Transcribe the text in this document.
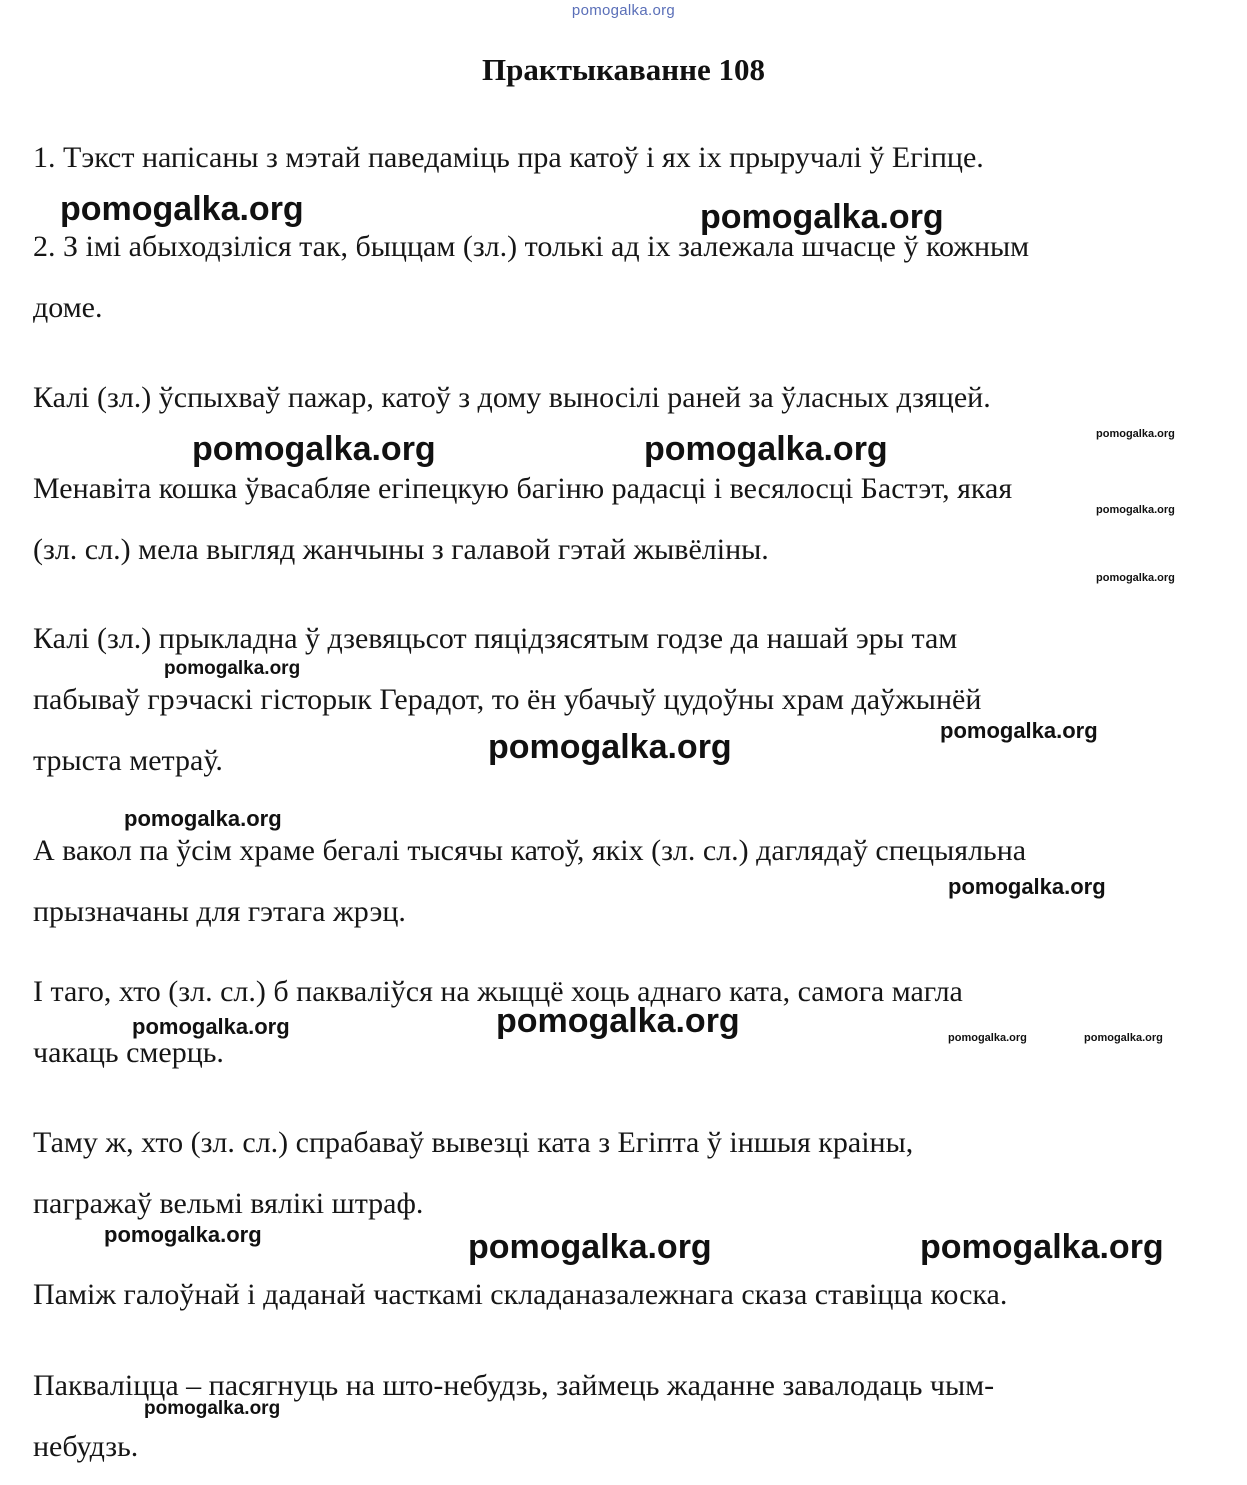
pomogalka.org
Практыкаванне 108
1. Тэкст напісаны з мэтай паведаміць пра катоў і ях іх прыручалі ў Егіпце.
2. З імі абыходзіліся так, быццам (зл.) толькі ад іх залежала шчасце ў кожным
доме.
Калі (зл.) ўспыхваў пажар, катоў з дому выносілі раней за ўласных дзяцей.
Менавіта кошка ўвасабляе егіпецкую багіню радасці і весялосці Бастэт, якая
(зл. сл.) мела выгляд жанчыны з галавой гэтай жывёліны.
Калі (зл.) прыкладна ў дзевяцьсот пяцідзясятым годзе да нашай эры там
пабываў грэчаскі гісторык Герадот, то ён убачыў цудоўны храм даўжынёй
трыста метраў.
А вакол па ўсім храме бегалі тысячы катоў, якіх (зл. сл.) даглядаў спецыяльна
прызначаны для гэтага жрэц.
І таго, хто (зл. сл.) б пакваліўся на жыццё хоць аднаго ката, самога магла
чакаць смерць.
Таму ж, хто (зл. сл.) спрабаваў вывезці ката з Егіпта ў іншыя краіны,
пагражаў вельмі вялікі штраф.
Паміж галоўнай і даданай часткамі складаназалежнага сказа ставіцца коска.
Пакваліцца – пасягнуць на што-небудзь, займець жаданне завалодаць чым-
небудзь.
pomogalka.org	pomogalka.org
pomogalka.org	pomogalka.org	pomogalka.org
pomogalka.org
pomogalka.org
pomogalka.org
pomogalka.org
pomogalka.org
pomogalka.org
pomogalka.org
pomogalka.org
pomogalka.org	pomogalka.org	pomogalka.org
pomogalka.org	pomogalka.org	pomogalka.org
pomogalka.org
